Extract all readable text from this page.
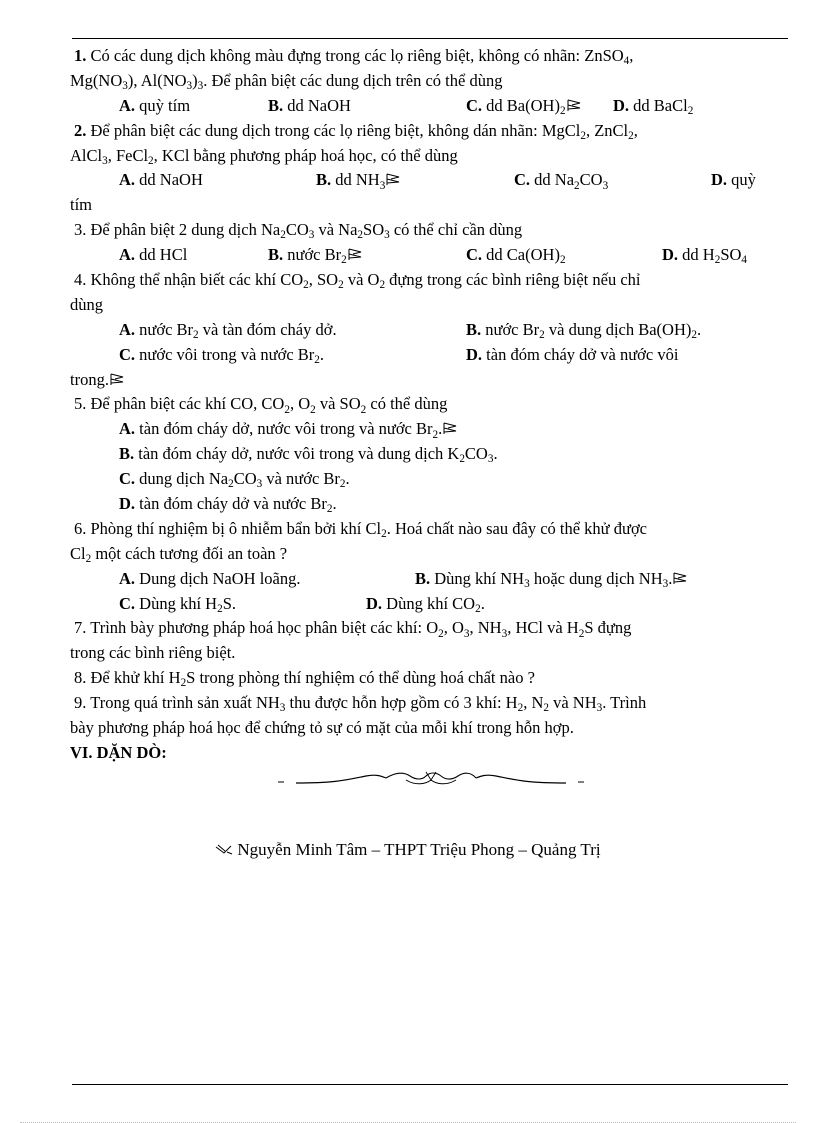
1. Có các dung dịch không màu đựng trong các lọ riêng biệt, không có nhãn: ZnSO$_4$,
$Mg(NO_3)$, $Al(NO_3)_3$. Để phân biệt các dung dịch trên có thể dùng
A. quỳ tím	B. dd NaOH	C. dd $Ba(OH)_2$	D. dd BaCl$_2$
2. Để phân biệt các dung dịch trong các lọ riêng biệt, không dán nhãn: MgCl$_2$, ZnCl$_2$,
AlCl$_3$, FeCl$_2$, KCl bằng phương pháp hoá học, có thể dùng
A. dd NaOH	B. dd $NH_3$	C. dd $Na_2CO_3$	D. quỳ
tím
3. Để phân biệt 2 dung dịch $Na_2CO_3$ và $Na_2SO_3$ có thể chỉ cần dùng
A. dd HCl	B. nước $Br_2$	C. dd $Ca(OH)_2$	D. dd $H_2SO_4$
4. Không thể nhận biết các khí $CO_2$, $SO_2$ và $O_2$ đựng trong các bình riêng biệt nếu chỉ
dùng
A. nước $Br_2$ và tàn đóm cháy dở.	B. nước $Br_2$ và dung dịch $Ba(OH)_2$.
C. nước vôi trong và nước $Br_2$.	D. tàn đóm cháy dở và nước vôi
trong.
5. Để phân biệt các khí CO, $CO_2$, $O_2$ và $SO_2$ có thể dùng
A. tàn đóm cháy dở, nước vôi trong và nước $Br_2$.
B. tàn đóm cháy dở, nước vôi trong và dung dịch $K_2CO_3$.
C. dung dịch $Na_2CO_3$ và nước $Br_2$.
D. tàn đóm cháy dở và nước $Br_2$.
6. Phòng thí nghiệm bị ô nhiễm bẩn bởi khí $Cl_2$. Hoá chất nào sau đây có thể khử được
$Cl_2$ một cách tương đối an toàn ?
A. Dung dịch NaOH loãng.	B. Dùng khí $NH_3$ hoặc dung dịch $NH_3$.
C. Dùng khí $H_2S$.	D. Dùng khí $CO_2$.
7. Trình bày phương pháp hoá học phân biệt các khí: $O_2$, $O_3$, $NH_3$, HCl và $H_2S$ đựng
trong các bình riêng biệt.
8. Để khử khí $H_2S$ trong phòng thí nghiệm có thể dùng hoá chất nào ?
9. Trong quá trình sản xuất $NH_3$ thu được hỗn hợp gồm có 3 khí: $H_2$, $N_2$ và $NH_3$. Trình
bày phương pháp hoá học để chứng tỏ sự có mặt của mỗi khí trong hỗn hợp.
VI. DẶN DÒ:
Nguyễn Minh Tâm – THPT Triệu Phong – Quảng Trị
